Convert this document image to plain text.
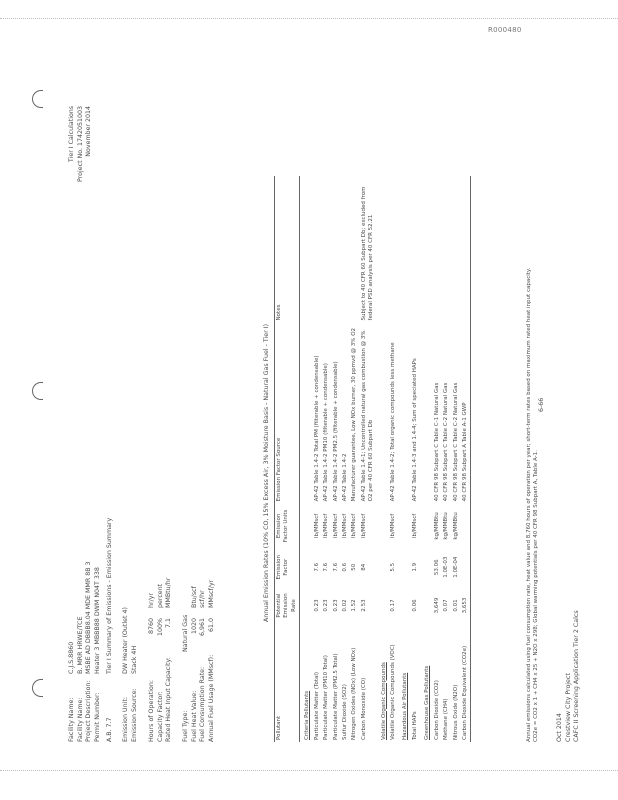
R000480
Facility Name:
C.J.S.8860
Facility Name:
B. MRR HRWE/TCE
Project Description:
MSBE AD DBBB8.04 MDE MMR 8B 3
Permit Number:
Heater 3 MBBB88 DWM N04T 338
A.B. 7.7Tier I Summary of Emissions - Emission Summary
Emission Unit:
DW Heater (Outlet 4)
Emission Source:
Stack 4H
Hours of Operation:
8760
hr/yr
Capacity Factor:
100%
percent
Rated Heat Input Capacity:
7.1
MMBtu/hr
Fuel Type:
Natural Gas
Fuel Heat Value:
1020
Btu/scf
Fuel Consumption Rate:
6,961
scf/hr
Annual Fuel Usage (MMscf):
61.0
MMscf/yr
Tier I Calculations Project No. 1742051003 November 2014
Annual Emission Rates (10% CO, 15% Excess Air, 3% Moisture Basis - Natural Gas Fuel - Tier I)
Pollutant	Potential Emission Rate	Emission Factor	Emission Factor Units	Emission Factor Source	Notes
Criteria Pollutants					
Particulate Matter (Total)	0.23	7.6	lb/MMscf	AP-42 Table 1.4-2 Total PM (filterable + condensable)	
Particulate Matter (PM10 Total)	0.23	7.6	lb/MMscf	AP-42 Table 1.4-2 PM10 (filterable + condensable)	
Particulate Matter (PM2.5 Total)	0.23	7.6	lb/MMscf	AP-42 Table 1.4-2 PM2.5 (filterable + condensable)	
Sulfur Dioxide (SO2)	0.02	0.6	lb/MMscf	AP-42 Table 1.4-2	
Nitrogen Oxides (NOx) (Low NOx)	1.52	50	lb/MMscf	Manufacturer guarantee, Low NOx burner, 30 ppmvd @ 3% O2	
Carbon Monoxide (CO)	2.53	84	lb/MMscf	AP-42 Table 1.4-1; Uncontrolled natural gas combustion @ 3% O2 per 40 CFR 60 Subpart Db	Subject to 40 CFR 60 Subpart Db; excluded from federal PSD analysis per 40 CFR 52.21
Volatile Organic Compounds					
Volatile Organic Compounds (VOC)	0.17	5.5	lb/MMscf	AP-42 Table 1.4-2; Total organic compounds less methane	
Hazardous Air Pollutants					
Total HAPs	0.06	1.9	lb/MMscf	AP-42 Table 1.4-3 and 1.4-4; Sum of speciated HAPs	
Greenhouse Gas Pollutants					
Carbon Dioxide (CO2)	3,649	53.06	kg/MMBtu	40 CFR 98 Subpart C Table C-1 Natural Gas	
Methane (CH4)	0.07	1.0E-03	kg/MMBtu	40 CFR 98 Subpart C Table C-2 Natural Gas	
Nitrous Oxide (N2O)	0.01	1.0E-04	kg/MMBtu	40 CFR 98 Subpart C Table C-2 Natural Gas	
Carbon Dioxide Equivalent (CO2e)	3,653			40 CFR 98 Subpart A Table A-1 GWP		Annual emissions calculated using fuel consumption rate, heat value and 8,760 hours of operation per year; short-term rates based on maximum rated heat input capacity. CO2e = CO2 x 1 + CH4 x 25 + N2O x 298; Global warming potentials per 40 CFR 98 Subpart A, Table A-1.
6-66
Oct 2014 Crestview City Project CAFC II Screening Application Tier 2 Calcs
